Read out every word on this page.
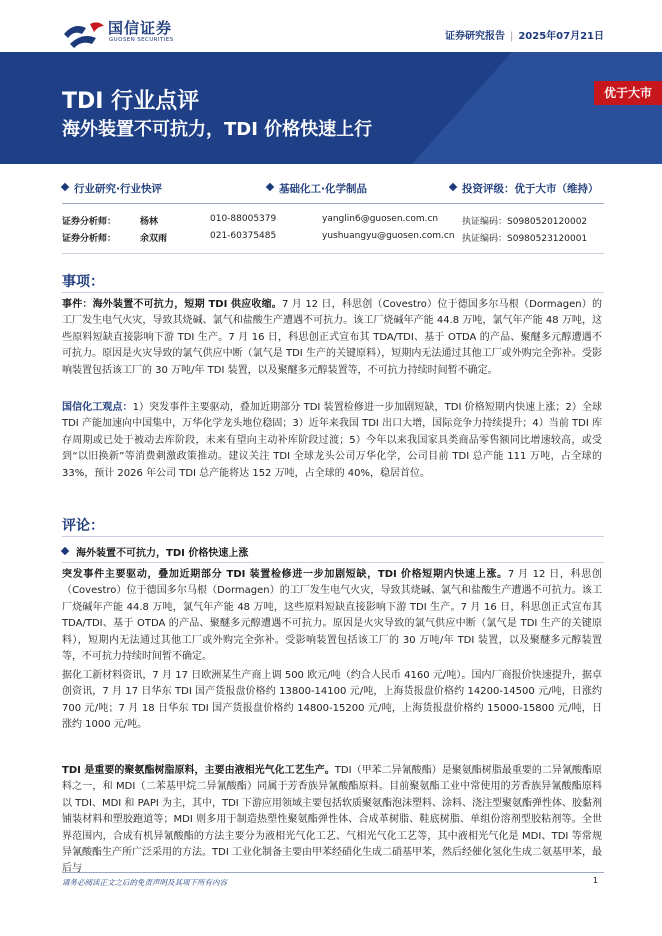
国信证券
GUOSEN SECURITIES	证券研究报告 | 2025年07月21日
TDI 行业点评
海外装置不可抗力，TDI 价格快速上行
优于大市
行业研究·行业快评	基础化工·化学制品	投资评级：优于大市（维持）
证券分析师：	杨林	010-88005379	yanglin6@guosen.com.cn	执证编码：S0980520120002
证券分析师：	余双雨	021-60375485	yushuangyu@guosen.com.cn 执证编码：S0980523120001
事项：
事件：海外装置不可抗力，短期 TDI 供应收缩。7 月 12 日，科思创（Covestro）位于德国多尔马根（Dormagen）的工厂发生电气火灾，导致其烧碱、氯气和盐酸生产遭遇不可抗力。该工厂烧碱年产能 44.8 万吨，氯气年产能 48 万吨，这些原料短缺直接影响下游 TDI 生产。7 月 16 日，科思创正式宣布其 TDA/TDI、基于 OTDA 的产品、聚醚多元醇遭遇不可抗力。原因是火灾导致的氯气供应中断（氯气是 TDI 生产的关键原料），短期内无法通过其他工厂或外购完全弥补。受影响装置包括该工厂的 30 万吨/年 TDI 装置，以及聚醚多元醇装置等，不可抗力持续时间暂不确定。
国信化工观点：1）突发事件主要驱动，叠加近期部分 TDI 装置检修进一步加剧短缺，TDI 价格短期内快速上涨；2）全球 TDI 产能加速向中国集中，万华化学龙头地位稳固；3）近年来我国 TDI 出口大增，国际竞争力持续提升；4）当前 TDI 库存周期或已处于被动去库阶段，未来有望向主动补库阶段过渡；5）今年以来我国家具类商品零售额同比增速较高，或受到“以旧换新”等消费刺激政策推动。建议关注 TDI 全球龙头公司万华化学，公司目前 TDI 总产能 111 万吨，占全球的 33%，预计 2026 年公司 TDI 总产能将达 152 万吨，占全球的 40%，稳居首位。
评论：
海外装置不可抗力，TDI 价格快速上涨
突发事件主要驱动，叠加近期部分 TDI 装置检修进一步加剧短缺，TDI 价格短期内快速上涨。7 月 12 日，科思创（Covestro）位于德国多尔马根（Dormagen）的工厂发生电气火灾，导致其烧碱、氯气和盐酸生产遭遇不可抗力。该工厂烧碱年产能 44.8 万吨，氯气年产能 48 万吨，这些原料短缺直接影响下游 TDI 生产。7 月 16 日，科思创正式宣布其 TDA/TDI、基于 OTDA 的产品、聚醚多元醇遭遇不可抗力。原因是火灾导致的氯气供应中断（氯气是 TDI 生产的关键原料），短期内无法通过其他工厂或外购完全弥补。受影响装置包括该工厂的 30 万吨/年 TDI 装置，以及聚醚多元醇装置等，不可抗力持续时间暂不确定。
据化工新材料资讯，7 月 17 日欧洲某生产商上调 500 欧元/吨（约合人民币 4160 元/吨）。国内厂商报价快速提升，据卓创资讯，7 月 17 日华东 TDI 国产货报盘价格约 13800-14100 元/吨，上海货报盘价格约 14200-14500 元/吨，日涨约 700 元/吨；7 月 18 日华东 TDI 国产货报盘价格约 14800-15200 元/吨，上海货报盘价格约 15000-15800 元/吨，日涨约 1000 元/吨。
TDI 是重要的聚氨酯树脂原料，主要由液相光气化工艺生产。TDI（甲苯二异氰酸酯）是聚氨酯树脂最重要的二异氰酸酯原料之一，和 MDI（二苯基甲烷二异氰酸酯）同属于芳香族异氰酸酯原料。目前聚氨酯工业中常使用的芳香族异氰酸酯原料以 TDI、MDI 和 PAPI 为主，其中，TDI 下游应用领域主要包括软质聚氨酯泡沫塑料、涂料、浇注型聚氨酯弹性体、胶黏剂铺装材料和塑胶跑道等；MDI 则多用于制造热塑性聚氨酯弹性体、合成革树脂、鞋底树脂、单组份溶剂型胶粘剂等。全世界范围内，合成有机异氰酸酯的方法主要分为液相光气化工艺、气相光气化工艺等，其中液相光气化是 MDI、TDI 等常规异氰酸酯生产所广泛采用的方法。TDI 工业化制备主要由甲苯经硝化生成二硝基甲苯，然后经催化氢化生成二氨基甲苯，最后与
请务必阅读正文之后的免责声明及其项下所有内容	1
